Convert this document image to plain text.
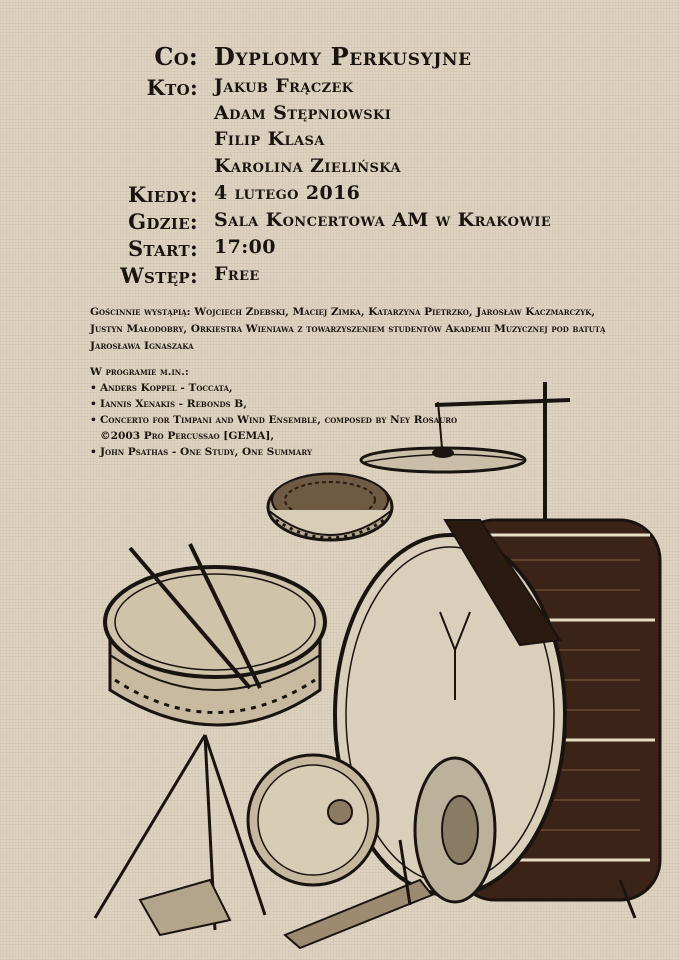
Co: Dyplomy Perkusyjne
Kto: Jakub Frączek
Adam Stępniowski
Filip Klasa
Karolina Zielińska
Kiedy: 4 lutego 2016
Gdzie: Sala Koncertowa AM w Krakowie
Start: 17:00
Wstęp: Free
Gościnnie wystąpią: Wojciech Zdebski, Maciej Zimka, Katarzyna Pietrzko, Jarosław Kaczmarczyk, Justyn Małodobry, Orkiestra Wieniawa z towarzyszeniem studentów Akademii Muzycznej pod batutą Jarosława Ignaszaka
W programie m.in.:
• Anders Koppel - Toccata,
• Iannis Xenakis - Rebonds B,
• Concerto for Timpani and Wind Ensemble, composed by Ney Rosauro ©2003 Pro Percussao [GEMA],
• John Psathas - One Study, One Summary
